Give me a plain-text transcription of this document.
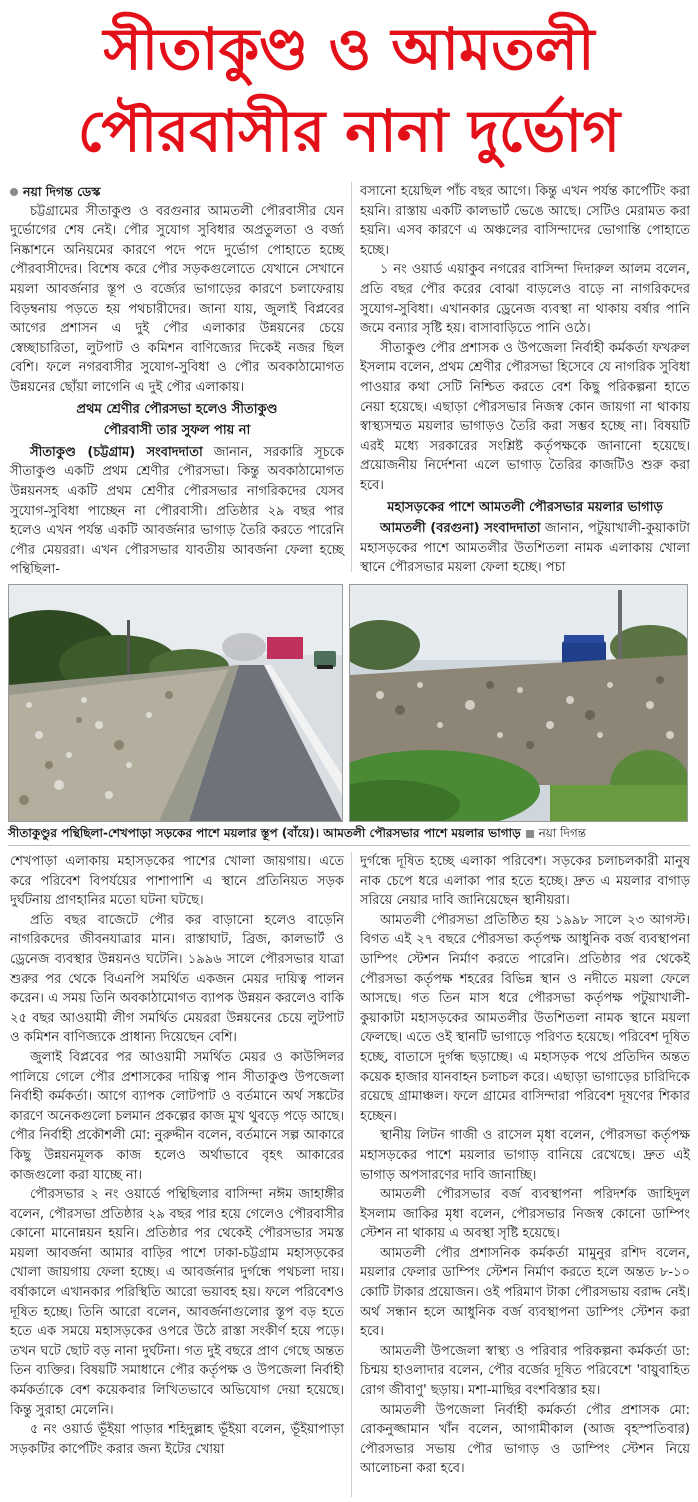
সীতাকুণ্ড ও আমতলী
পৌরবাসীর নানা দুর্ভোগ

নয়া দিগন্ত ডেস্ক

চট্টগ্রামের সীতাকুণ্ড ও বরগুনার আমতলী পৌরবাসীর যেন দুর্ভোগের শেষ নেই। পৌর সুযোগ সুবিধার অপ্রতুলতা ও বর্জ্য নিষ্কাশনে অনিয়মের কারণে পদে পদে দুর্ভোগ পোহাতে হচ্ছে পৌরবাসীদের। বিশেষ করে পৌর সড়কগুলোতে যেখানে সেখানে ময়লা আবর্জনার স্তূপ ও বর্জ্যের ভাগাড়ের কারণে চলাফেরায় বিড়ম্বনায় পড়তে হয় পথচারীদের। জানা যায়, জুলাই বিপ্লবের আগের প্রশাসন এ দুই পৌর এলাকার উন্নয়নের চেয়ে স্বেচ্ছাচারিতা, লুটপাট ও কমিশন বাণিজ্যের দিকেই নজর ছিল বেশি। ফলে নগরবাসীর সুযোগ-সুবিধা ও পৌর অবকাঠামোগত উন্নয়নের ছোঁয়া লাগেনি এ দুই পৌর এলাকায়।

প্রথম শ্রেণীর পৌরসভা হলেও সীতাকুণ্ড

পৌরবাসী তার সুফল পায় না

সীতাকুণ্ড (চট্টগ্রাম) সংবাদদাতা জানান, সরকারি সূচকে সীতাকুণ্ড একটি প্রথম শ্রেণীর পৌরসভা। কিন্তু অবকাঠামোগত উন্নয়নসহ একটি প্রথম শ্রেণীর পৌরসভার নাগরিকদের যেসব সুযোগ-সুবিধা পাচ্ছেন না পৌরবাসী। প্রতিষ্ঠার ২৯ বছর পার হলেও এখন পর্যন্ত একটি আবর্জনার ভাগাড় তৈরি করতে পারেনি পৌর মেয়ররা। এখন পৌরসভার যাবতীয় আবর্জনা ফেলা হচ্ছে পন্থিছিলা-

বসানো হয়েছিল পাঁচ বছর আগে। কিন্তু এখন পর্যন্ত কার্পেটিং করা হয়নি। রাস্তায় একটি কালভার্ট ভেঙে আছে। সেটিও মেরামত করা হয়নি। এসব কারণে এ অঞ্চলের বাসিন্দাদের ভোগান্তি পোহাতে হচ্ছে।

১ নং ওয়ার্ড এয়াকুব নগরের বাসিন্দা দিদারুল আলম বলেন, প্রতি বছর পৌর করের বোঝা বাড়লেও বাড়ে না নাগরিকদের সুযোগ-সুবিধা। এখানকার ড্রেনেজ ব্যবস্থা না থাকায় বর্ষার পানি জমে বন্যার সৃষ্টি হয়। বাসাবাড়িতে পানি ওঠে।

সীতাকুণ্ড পৌর প্রশাসক ও উপজেলা নির্বাহী কর্মকর্তা ফখরুল ইসলাম বলেন, প্রথম শ্রেণীর পৌরসভা হিসেবে যে নাগরিক সুবিধা পাওয়ার কথা সেটি নিশ্চিত করতে বেশ কিছু পরিকল্পনা হাতে নেয়া হয়েছে। এছাড়া পৌরসভার নিজস্ব কোন জায়গা না থাকায় স্বাস্থ্যসম্মত ময়লার ভাগাড়ও তৈরি করা সম্ভব হচ্ছে না। বিষয়টি এরই মধ্যে সরকারের সংশ্লিষ্ট কর্তৃপক্ষকে জানানো হয়েছে। প্রয়োজনীয় নির্দেশনা এলে ভাগাড় তৈরির কাজটিও শুরু করা হবে।

মহাসড়কের পাশে আমতলী পৌরসভার ময়লার ভাগাড়

আমতলী (বরগুনা) সংবাদদাতা জানান, পটুয়াখালী-কুয়াকাটা মহাসড়কের পাশে আমতলীর উতশিতলা নামক এলাকায় খোলা স্থানে পৌরসভার ময়লা ফেলা হচ্ছে। পচা

সীতাকুণ্ডুর পন্থিছিলা-শেখপাড়া সড়কের পাশে ময়লার স্তূপ (বাঁয়ে)। আমতলী পৌরসভার পাশে ময়লার ভাগাড় নয়া দিগন্ত

শেখপাড়া এলাকায় মহাসড়কের পাশের খোলা জায়গায়। এতে করে পরিবেশ বিপর্যয়ের পাশাপাশি এ স্থানে প্রতিনিয়ত সড়ক দুর্ঘটনায় প্রাণহানির মতো ঘটনা ঘটছে।

প্রতি বছর বাজেটে পৌর কর বাড়ানো হলেও বাড়েনি নাগরিকদের জীবনযাত্রার মান। রাস্তাঘাট, ব্রিজ, কালভার্ট ও ড্রেনেজ ব্যবস্থার উন্নয়নও ঘটেনি। ১৯৯৬ সালে পৌরসভার যাত্রা শুরুর পর থেকে বিএনপি সমর্থিত একজন মেয়র দায়িত্ব পালন করেন। এ সময় তিনি অবকাঠামোগত ব্যাপক উন্নয়ন করলেও বাকি ২৫ বছর আওয়ামী লীগ সমর্থিত মেয়ররা উন্নয়নের চেয়ে লুটপাট ও কমিশন বাণিজ্যকে প্রাধান্য দিয়েছেন বেশি।

জুলাই বিপ্লবের পর আওয়ামী সমর্থিত মেয়র ও কাউন্সিলর পালিয়ে গেলে পৌর প্রশাসকের দায়িত্ব পান সীতাকুণ্ড উপজেলা নির্বাহী কর্মকর্তা। আগে ব্যাপক লোটপাট ও বর্তমানে অর্থ সঙ্কটের কারণে অনেকগুলো চলমান প্রকল্পের কাজ মুখ থুবড়ে পড়ে আছে। পৌর নির্বাহী প্রকৌশলী মো: নুরুদ্দীন বলেন, বর্তমানে সল্প আকারে কিছু উন্নয়নমূলক কাজ হলেও অর্থাভাবে বৃহৎ আকারের কাজগুলো করা যাচ্ছে না।

পৌরসভার ২ নং ওয়ার্ডে পন্থিছিলার বাসিন্দা নঈম জাহাঙ্গীর বলেন, পৌরসভা প্রতিষ্ঠার ২৯ বছর পার হয়ে গেলেও পৌরবাসীর কোনো মানোন্নয়ন হয়নি। প্রতিষ্ঠার পর থেকেই পৌরসভার সমস্ত ময়লা আবর্জনা আমার বাড়ির পাশে ঢাকা-চট্টগ্রাম মহাসড়কের খোলা জায়গায় ফেলা হচ্ছে। এ আবর্জনার দুর্গন্ধে পথচলা দায়। বর্ষাকালে এখানকার পরিস্থিতি আরো ভয়াবহ হয়। ফলে পরিবেশও দূষিত হচ্ছে। তিনি আরো বলেন, আবর্জনাগুলোর স্তূপ বড় হতে হতে এক সময়ে মহাসড়কের ওপরে উঠে রাস্তা সংকীর্ণ হয়ে পড়ে। তখন ঘটে ছোট বড় নানা দুর্ঘটনা। গত দুই বছরে প্রাণ গেছে অন্তত তিন ব্যক্তির। বিষয়টি সমাধানে পৌর কর্তৃপক্ষ ও উপজেলা নির্বাহী কর্মকর্তাকে বেশ কয়েকবার লিখিতভাবে অভিযোগ দেয়া হয়েছে। কিন্তু সুরাহা মেলেনি।

৫ নং ওয়ার্ড ভূঁইয়া পাড়ার শহিদুল্লাহ ভূঁইয়া বলেন, ভূঁইয়াপাড়া সড়কটির কার্পেটিং করার জন্য ইটের খোয়া

দুর্গন্ধে দূষিত হচ্ছে এলাকা পরিবেশ। সড়কের চলাচলকারী মানুষ নাক চেপে ধরে এলাকা পার হতে হচ্ছে। দ্রুত এ ময়লার বাগাড় সরিয়ে নেয়ার দাবি জানিয়েছেন স্থানীয়রা।

আমতলী পৌরসভা প্রতিষ্ঠিত হয় ১৯৯৮ সালে ২৩ আগস্ট। বিগত এই ২৭ বছরে পৌরসভা কর্তৃপক্ষ আধুনিক বর্জ ব্যবস্থাপনা ডাম্পিং স্টেশন নির্মাণ করতে পারেনি। প্রতিষ্ঠার পর থেকেই পৌরসভা কর্তৃপক্ষ শহরের বিভিন্ন স্থান ও নদীতে ময়লা ফেলে আসছে। গত তিন মাস ধরে পৌরসভা কর্তৃপক্ষ পটুয়াখালী-কুয়াকাটা মহাসড়কের আমতলীর উতশিতলা নামক স্থানে ময়লা ফেলছে। এতে ওই স্থানটি ভাগাড়ে পরিণত হয়েছে। পরিবেশ দূষিত হচ্ছে, বাতাসে দুর্গন্ধ ছড়াচ্ছে। এ মহাসড়ক পথে প্রতিদিন অন্তত কয়েক হাজার যানবাহন চলাচল করে। এছাড়া ভাগাড়ের চারিদিকে রয়েছে গ্রামাঞ্চল। ফলে গ্রামের বাসিন্দারা পরিবেশ দূষণের শিকার হচ্ছেন।

স্থানীয় লিটন গাজী ও রাসেল মৃধা বলেন, পৌরসভা কর্তৃপক্ষ মহাসড়কের পাশে ময়লার ভাগাড় বানিয়ে রেখেছে। দ্রুত এই ভাগাড় অপসারণের দাবি জানাচ্ছি।

আমতলী পৌরসভার বর্জ ব্যবস্থাপনা পরিদর্শক জাহিদুল ইসলাম জাকির মৃধা বলেন, পৌরসভার নিজস্ব কোনো ডাম্পিং স্টেশন না থাকায় এ অবস্থা সৃষ্টি হয়েছে।

আমতলী পৌর প্রশাসনিক কর্মকর্তা মামুনুর রশিদ বলেন, ময়লার ফেলার ডাম্পিং স্টেশন নির্মাণ করতে হলে অন্তত ৮-১০ কোটি টাকার প্রয়োজন। ওই পরিমাণ টাকা পৌরসভায় বরাদ্দ নেই। অর্থ সন্ধান হলে আধুনিক বর্জ ব্যবস্থাপনা ডাম্পিং স্টেশন করা হবে।

আমতলী উপজেলা স্বাস্থ্য ও পরিবার পরিকল্পনা কর্মকর্তা ডা: চিন্ময় হাওলাদার বলেন, পৌর বর্জের দূষিত পরিবেশে 'বায়ুবাহিত রোগ জীবাণু' ছড়ায়। মশা-মাছির বংশবিস্তার হয়।

আমতলী উপজেলা নির্বাহী কর্মকর্তা পৌর প্রশাসক মো: রোকনুজ্জামান খাঁন বলেন, আগামীকাল (আজ বৃহস্পতিবার) পৌরসভার সভায় পৌর ভাগাড় ও ডাম্পিং স্টেশন নিয়ে আলোচনা করা হবে।
